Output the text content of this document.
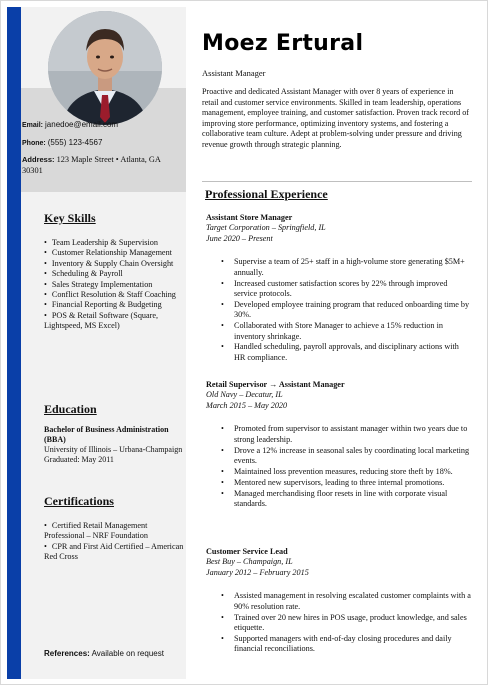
Email: janedoe@email.com
Phone: (555) 123-4567
Address: 123 Maple Street • Atlanta, GA 30301
Key Skills
• Team Leadership & Supervision
• Customer Relationship Management
• Inventory & Supply Chain Oversight
• Scheduling & Payroll
• Sales Strategy Implementation
• Conflict Resolution & Staff Coaching
• Financial Reporting & Budgeting
• POS & Retail Software (Square, Lightspeed, MS Excel)
Education
Bachelor of Business Administration (BBA)
University of Illinois – Urbana-Champaign
Graduated: May 2011
Certifications
• Certified Retail Management Professional – NRF Foundation
• CPR and First Aid Certified – American Red Cross
References: Available on request
Moez Ertural
Assistant Manager
Proactive and dedicated Assistant Manager with over 8 years of experience in retail and customer service environments. Skilled in team leadership, operations management, employee training, and customer satisfaction. Proven track record of improving store performance, optimizing inventory systems, and fostering a collaborative team culture. Adept at problem-solving under pressure and driving revenue growth through strategic planning.
Professional Experience
Assistant Store Manager
Target Corporation – Springfield, IL
June 2020 – Present
• Supervise a team of 25+ staff in a high-volume store generating $5M+ annually.
• Increased customer satisfaction scores by 22% through improved service protocols.
• Developed employee training program that reduced onboarding time by 30%.
• Collaborated with Store Manager to achieve a 15% reduction in inventory shrinkage.
• Handled scheduling, payroll approvals, and disciplinary actions with HR compliance.
Retail Supervisor → Assistant Manager
Old Navy – Decatur, IL
March 2015 – May 2020
• Promoted from supervisor to assistant manager within two years due to strong leadership.
• Drove a 12% increase in seasonal sales by coordinating local marketing events.
• Maintained loss prevention measures, reducing store theft by 18%.
• Mentored new supervisors, leading to three internal promotions.
• Managed merchandising floor resets in line with corporate visual standards.
Customer Service Lead
Best Buy – Champaign, IL
January 2012 – February 2015
• Assisted management in resolving escalated customer complaints with a 90% resolution rate.
• Trained over 20 new hires in POS usage, product knowledge, and sales etiquette.
• Supported managers with end-of-day closing procedures and daily financial reconciliations.
